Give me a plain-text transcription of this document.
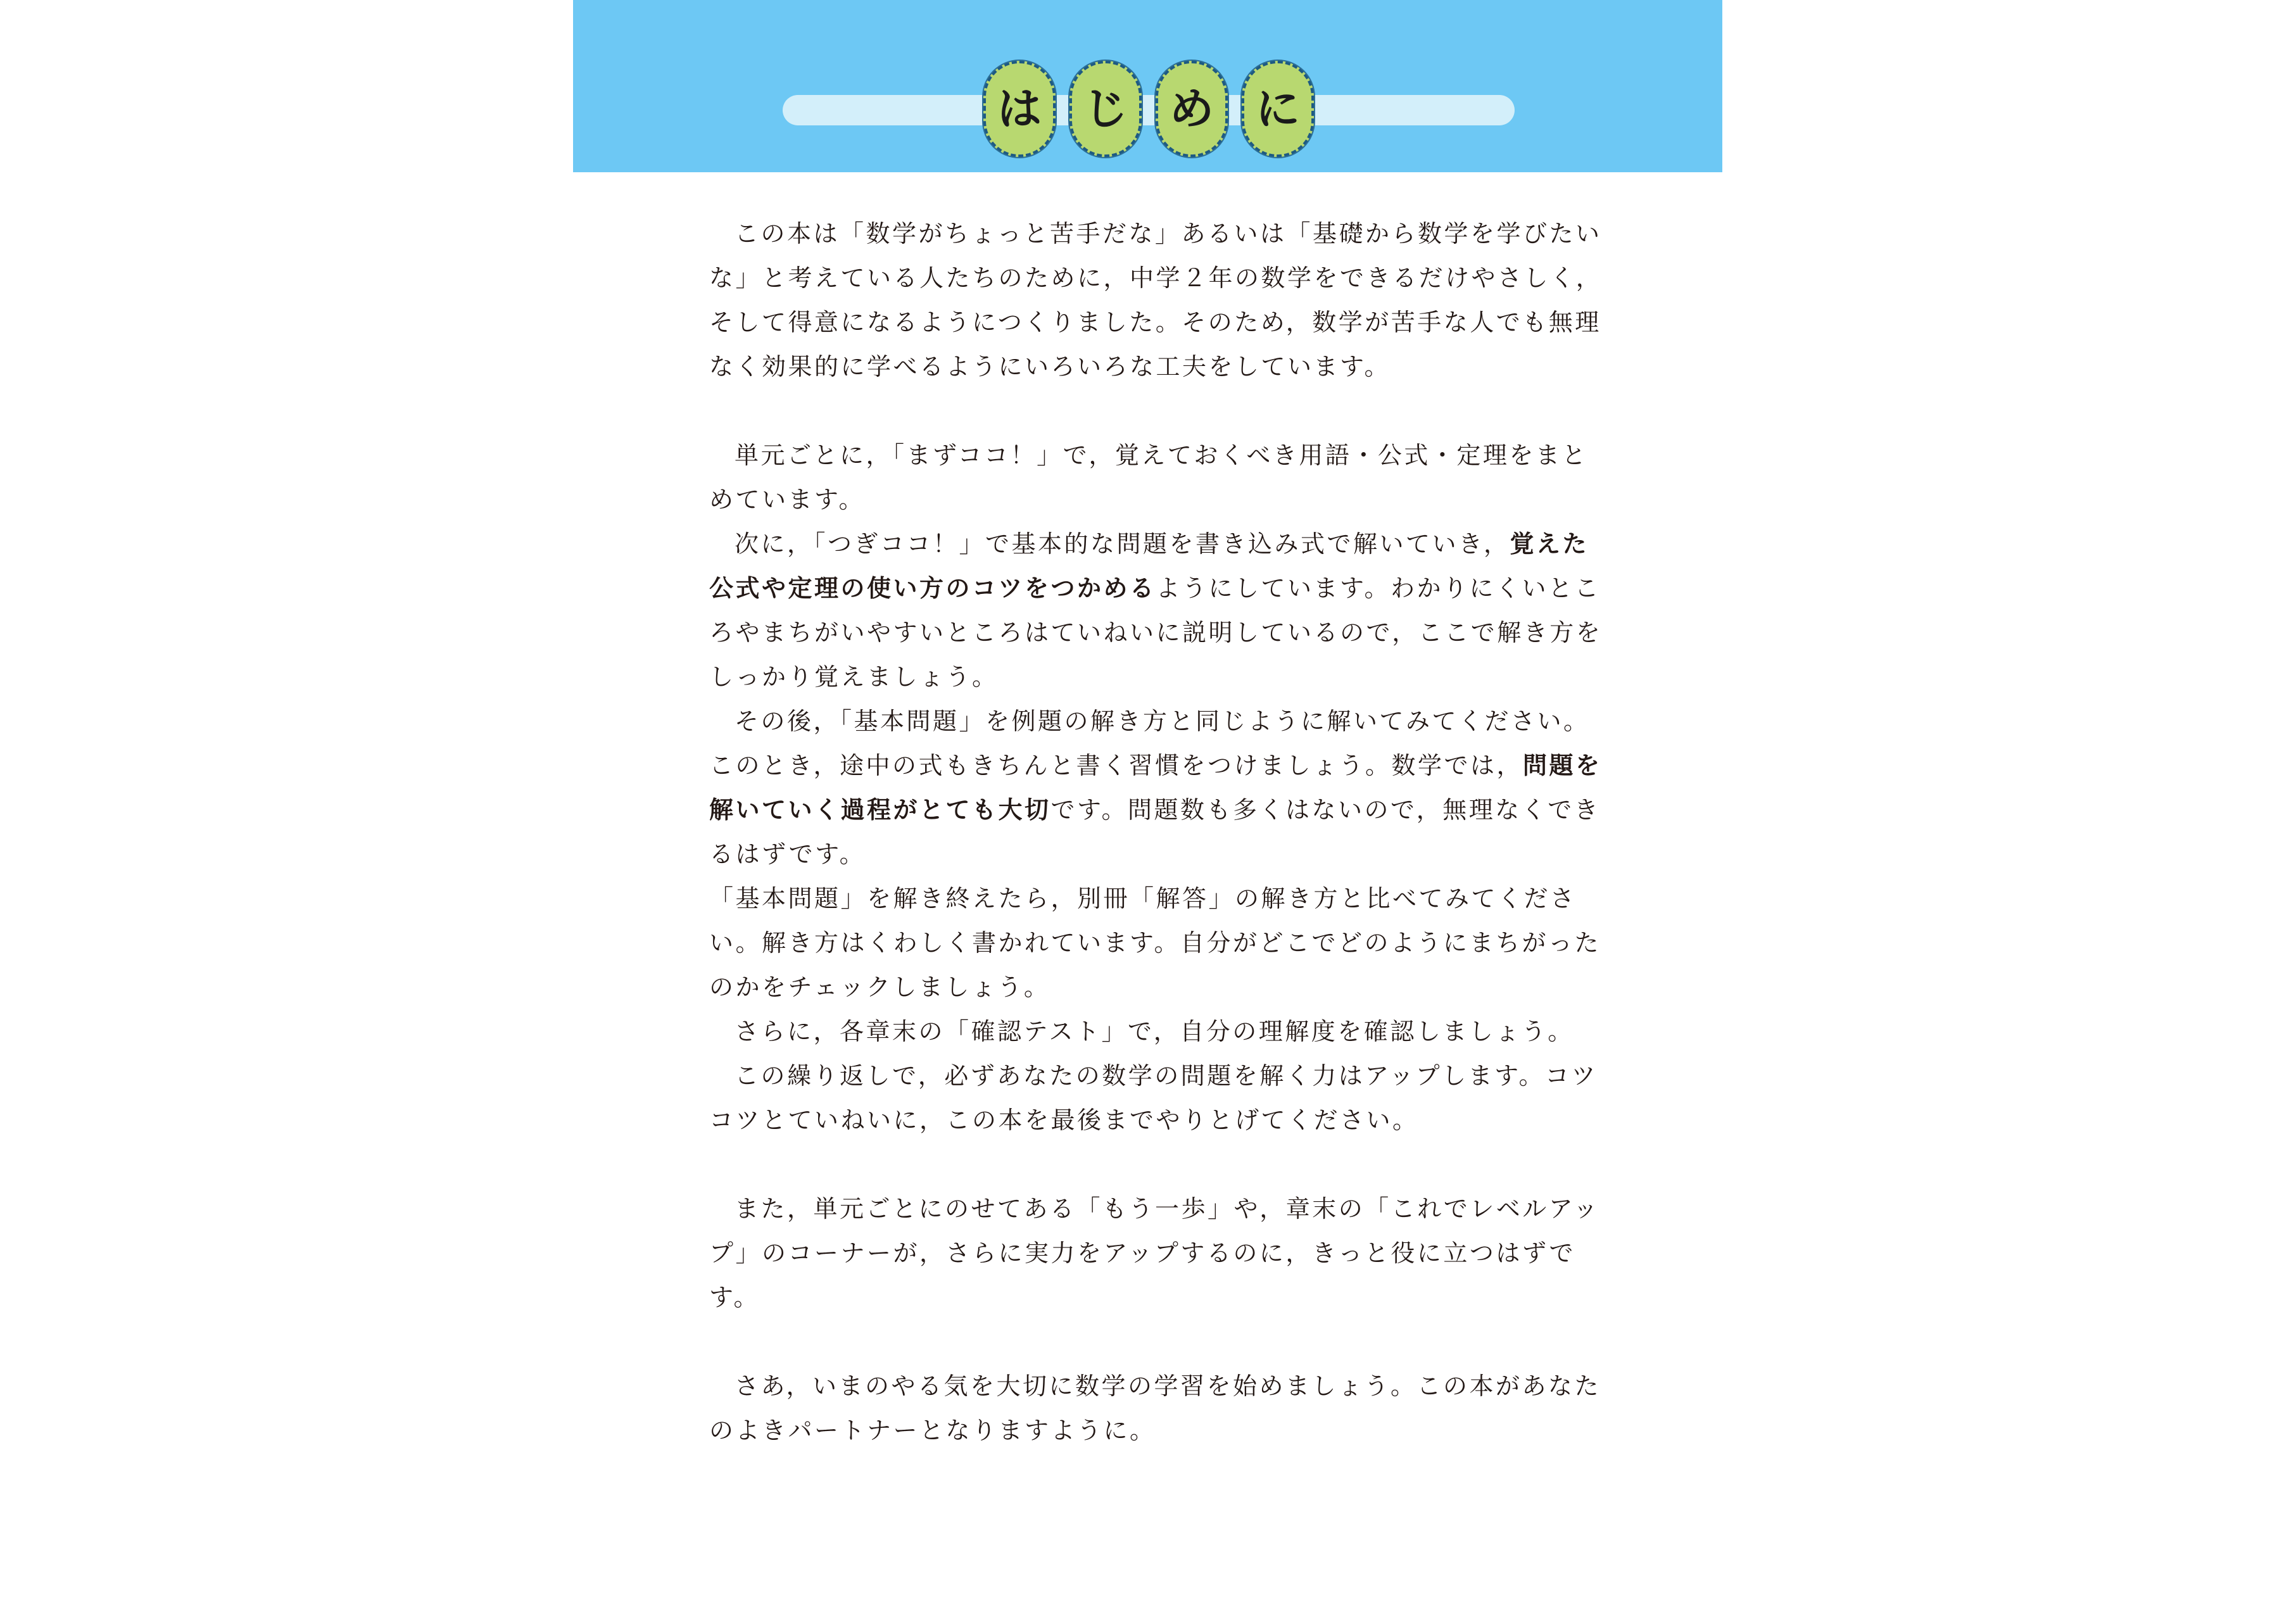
は じ め に

この本は「数学がちょっと苦手だな」あるいは「基礎から数学を学びたいな」と考えている人たちのために，中学２年の数学をできるだけやさしく，そして得意になるようにつくりました。そのため，数学が苦手な人でも無理なく効果的に学べるようにいろいろな工夫をしています。

単元ごとに，「まずココ！」で，覚えておくべき用語・公式・定理をまとめています。

次に，「つぎココ！」で基本的な問題を書き込み式で解いていき，覚えた公式や定理の使い方のコツをつかめるようにしています。わかりにくいところやまちがいやすいところはていねいに説明しているので，ここで解き方をしっかり覚えましょう。

その後，「基本問題」を例題の解き方と同じように解いてみてください。このとき，途中の式もきちんと書く習慣をつけましょう。数学では，問題を解いていく過程がとても大切です。問題数も多くはないので，無理なくできるはずです。

「基本問題」を解き終えたら，別冊「解答」の解き方と比べてみてください。解き方はくわしく書かれています。自分がどこでどのようにまちがったのかをチェックしましょう。

さらに，各章末の「確認テスト」で，自分の理解度を確認しましょう。

この繰り返しで，必ずあなたの数学の問題を解く力はアップします。コツコツとていねいに，この本を最後までやりとげてください。

また，単元ごとにのせてある「もう一歩」や，章末の「これでレベルアップ」のコーナーが，さらに実力をアップするのに，きっと役に立つはずです。

さあ，いまのやる気を大切に数学の学習を始めましょう。この本があなたのよきパートナーとなりますように。
